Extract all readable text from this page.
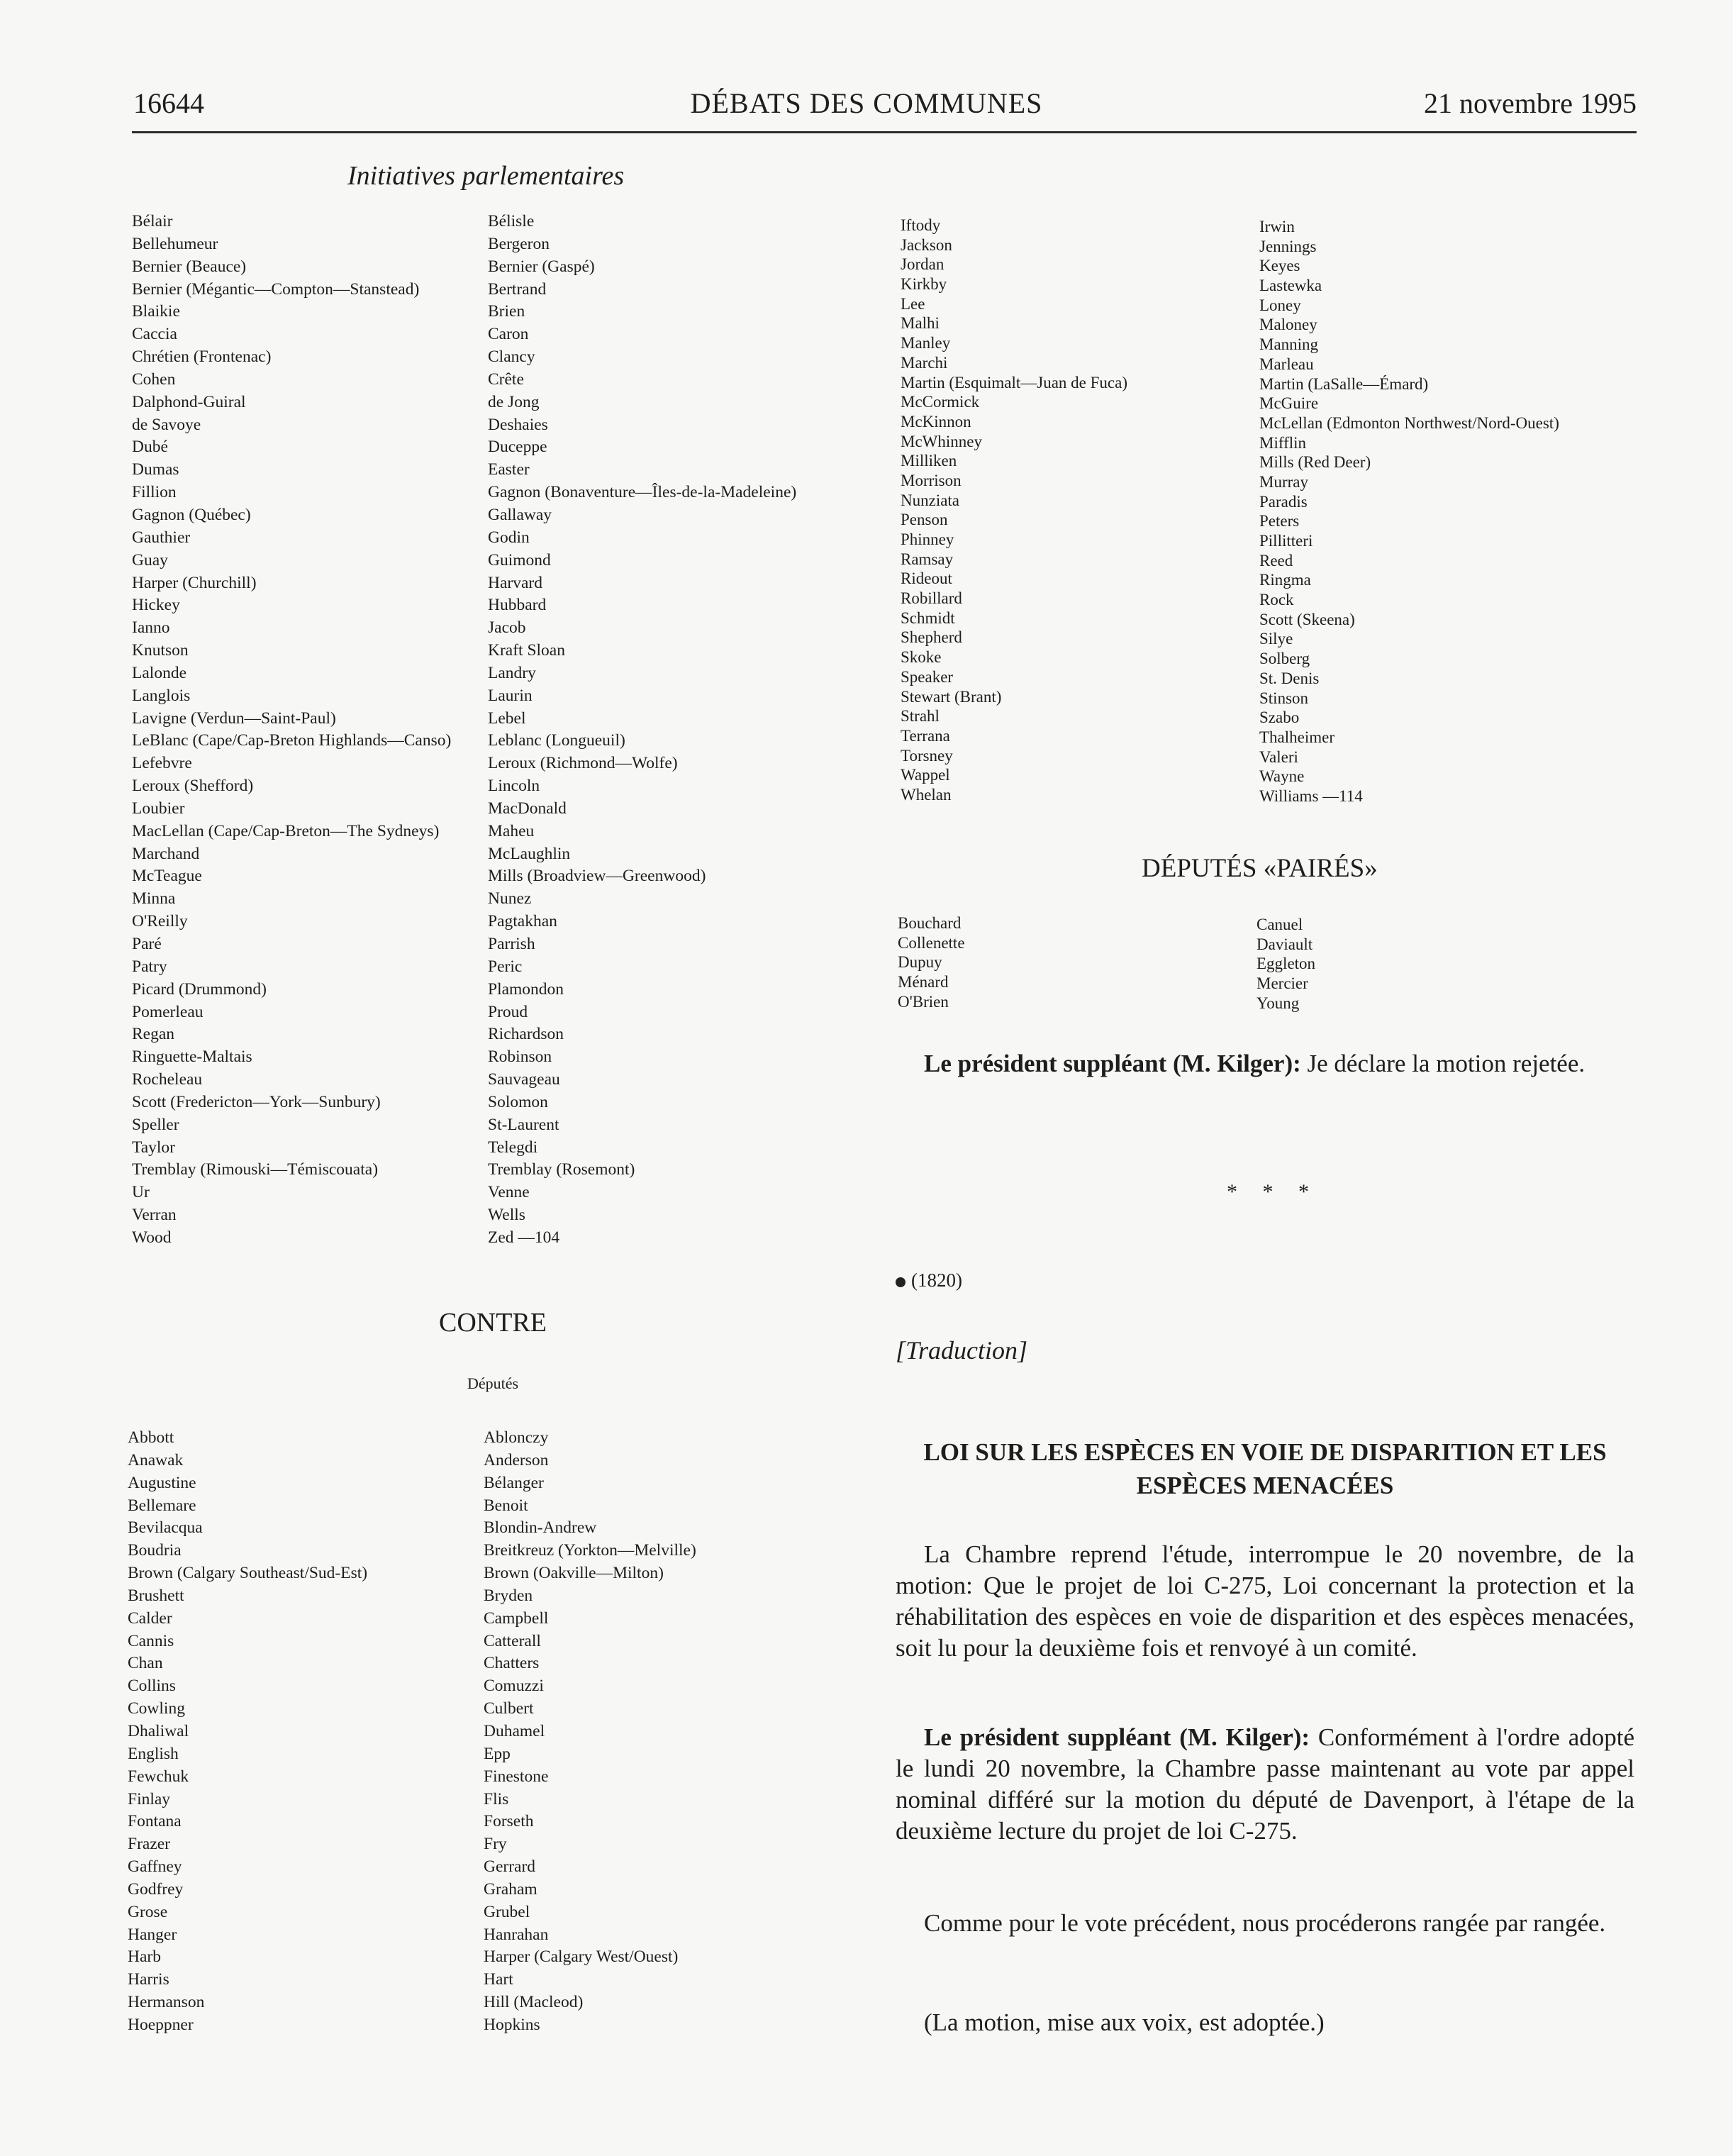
16644	DÉBATS DES COMMUNES	21 novembre 1995
Initiatives parlementaires
Bélair
Bellehumeur
Bernier (Beauce)
Bernier (Mégantic—Compton—Stanstead)
Blaikie
Caccia
Chrétien (Frontenac)
Cohen
Dalphond-Guiral
de Savoye
Dubé
Dumas
Fillion
Gagnon (Québec)
Gauthier
Guay
Harper (Churchill)
Hickey
Ianno
Knutson
Lalonde
Langlois
Lavigne (Verdun—Saint-Paul)
LeBlanc (Cape/Cap-Breton Highlands—Canso)
Lefebvre
Leroux (Shefford)
Loubier
MacLellan (Cape/Cap-Breton—The Sydneys)
Marchand
McTeague
Minna
O'Reilly
Paré
Patry
Picard (Drummond)
Pomerleau
Regan
Ringuette-Maltais
Rocheleau
Scott (Fredericton—York—Sunbury)
Speller
Taylor
Tremblay (Rimouski—Témiscouata)
Ur
Verran
Wood
Bélisle
Bergeron
Bernier (Gaspé)
Bertrand
Brien
Caron
Clancy
Crête
de Jong
Deshaies
Duceppe
Easter
Gagnon (Bonaventure—Îles-de-la-Madeleine)
Gallaway
Godin
Guimond
Harvard
Hubbard
Jacob
Kraft Sloan
Landry
Laurin
Lebel
Leblanc (Longueuil)
Leroux (Richmond—Wolfe)
Lincoln
MacDonald
Maheu
McLaughlin
Mills (Broadview—Greenwood)
Nunez
Pagtakhan
Parrish
Peric
Plamondon
Proud
Richardson
Robinson
Sauvageau
Solomon
St-Laurent
Telegdi
Tremblay (Rosemont)
Venne
Wells
Zed —104
Iftody
Jackson
Jordan
Kirkby
Lee
Malhi
Manley
Marchi
Martin (Esquimalt—Juan de Fuca)
McCormick
McKinnon
McWhinney
Milliken
Morrison
Nunziata
Penson
Phinney
Ramsay
Rideout
Robillard
Schmidt
Shepherd
Skoke
Speaker
Stewart (Brant)
Strahl
Terrana
Torsney
Wappel
Whelan
Irwin
Jennings
Keyes
Lastewka
Loney
Maloney
Manning
Marleau
Martin (LaSalle—Émard)
McGuire
McLellan (Edmonton Northwest/Nord-Ouest)
Mifflin
Mills (Red Deer)
Murray
Paradis
Peters
Pillitteri
Reed
Ringma
Rock
Scott (Skeena)
Silye
Solberg
St. Denis
Stinson
Szabo
Thalheimer
Valeri
Wayne
Williams —114
DÉPUTÉS «PAIRÉS»
Bouchard
Collenette
Dupuy
Ménard
O'Brien
Canuel
Daviault
Eggleton
Mercier
Young
Le président suppléant (M. Kilger): Je déclare la motion rejetée.
* * *
(1820)
[Traduction]
LOI SUR LES ESPÈCES EN VOIE DE DISPARITION ET LES ESPÈCES MENACÉES
CONTRE
Députés
Abbott
Anawak
Augustine
Bellemare
Bevilacqua
Boudria
Brown (Calgary Southeast/Sud-Est)
Brushett
Calder
Cannis
Chan
Collins
Cowling
Dhaliwal
English
Fewchuk
Finlay
Fontana
Frazer
Gaffney
Godfrey
Grose
Hanger
Harb
Harris
Hermanson
Hoeppner
Ablonczy
Anderson
Bélanger
Benoit
Blondin-Andrew
Breitkreuz (Yorkton—Melville)
Brown (Oakville—Milton)
Bryden
Campbell
Catterall
Chatters
Comuzzi
Culbert
Duhamel
Epp
Finestone
Flis
Forseth
Fry
Gerrard
Graham
Grubel
Hanrahan
Harper (Calgary West/Ouest)
Hart
Hill (Macleod)
Hopkins
La Chambre reprend l'étude, interrompue le 20 novembre, de la motion: Que le projet de loi C-275, Loi concernant la protection et la réhabilitation des espèces en voie de disparition et des espèces menacées, soit lu pour la deuxième fois et renvoyé à un comité.
Le président suppléant (M. Kilger): Conformément à l'ordre adopté le lundi 20 novembre, la Chambre passe maintenant au vote par appel nominal différé sur la motion du député de Davenport, à l'étape de la deuxième lecture du projet de loi C-275.
Comme pour le vote précédent, nous procéderons rangée par rangée.
(La motion, mise aux voix, est adoptée.)
